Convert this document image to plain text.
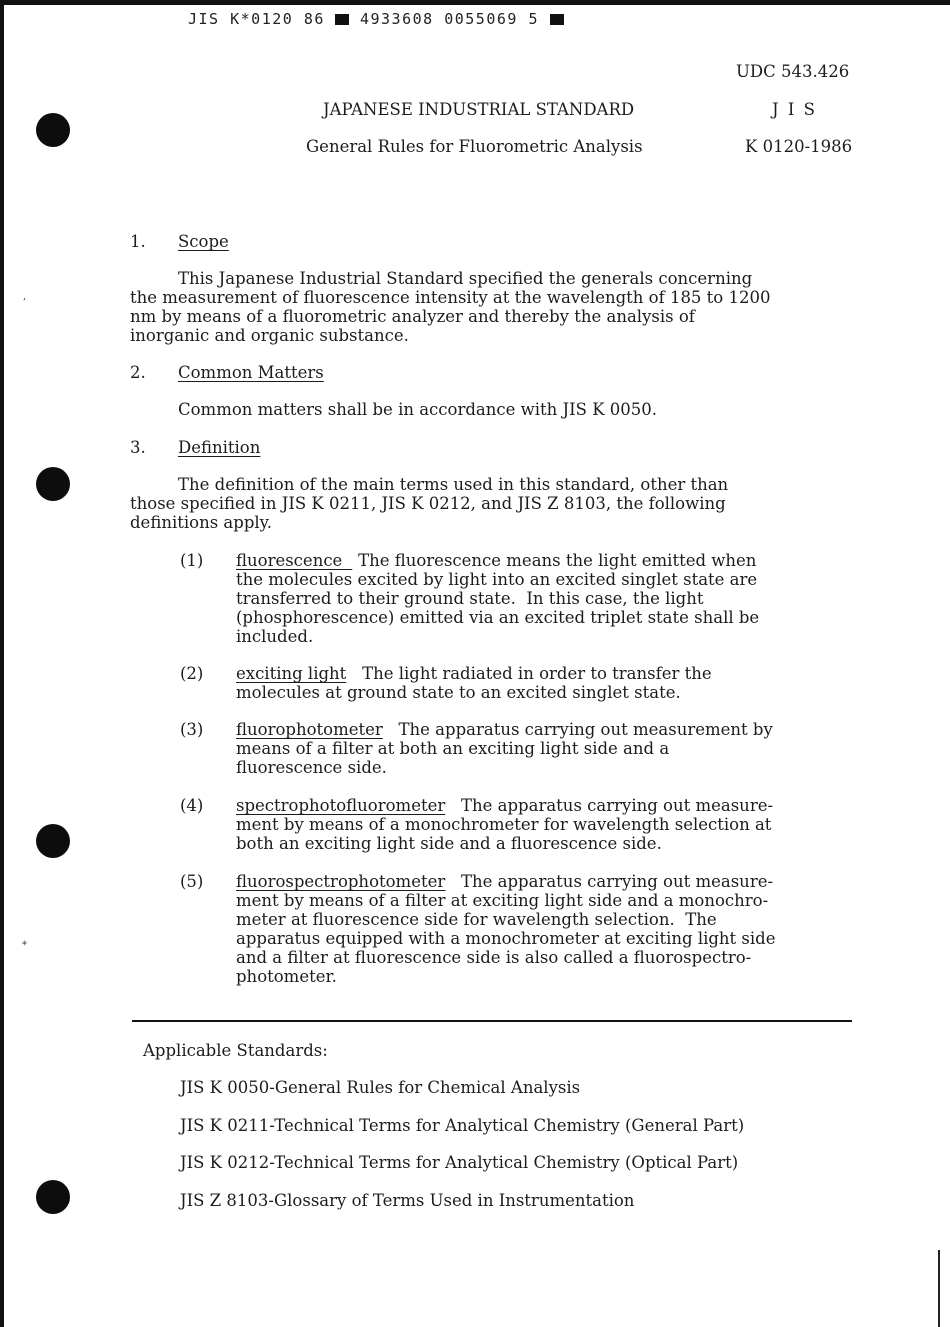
,
*
JIS K*0120 86 4933608 0055069 5
UDC 543.426
JAPANESE INDUSTRIAL STANDARD	J I S
General Rules for Fluorometric Analysis	K 0120-1986
1. Scope
This Japanese Industrial Standard specified the generals concerning
the measurement of fluorescence intensity at the wavelength of 185 to 1200
nm by means of a fluorometric analyzer and thereby the analysis of
inorganic and organic substance.
2. Common Matters
Common matters shall be in accordance with JIS K 0050.
3. Definition
The definition of the main terms used in this standard, other than
those specified in JIS K 0211, JIS K 0212, and JIS Z 8103, the following
definitions apply.
(1) fluorescence The fluorescence means the light emitted when
the molecules excited by light into an excited singlet state are
transferred to their ground state.  In this case, the light
(phosphorescence) emitted via an excited triplet state shall be
included.
(2) exciting light The light radiated in order to transfer the
molecules at ground state to an excited singlet state.
(3) fluorophotometer The apparatus carrying out measurement by
means of a filter at both an exciting light side and a
fluorescence side.
(4) spectrophotofluorometer The apparatus carrying out measure-
ment by means of a monochrometer for wavelength selection at
both an exciting light side and a fluorescence side.
(5) fluorospectrophotometer The apparatus carrying out measure-
ment by means of a filter at exciting light side and a monochro-
meter at fluorescence side for wavelength selection.  The
apparatus equipped with a monochrometer at exciting light side
and a filter at fluorescence side is also called a fluorospectro-
photometer.
Applicable Standards:
JIS K 0050-General Rules for Chemical Analysis
JIS K 0211-Technical Terms for Analytical Chemistry (General Part)
JIS K 0212-Technical Terms for Analytical Chemistry (Optical Part)
JIS Z 8103-Glossary of Terms Used in Instrumentation
